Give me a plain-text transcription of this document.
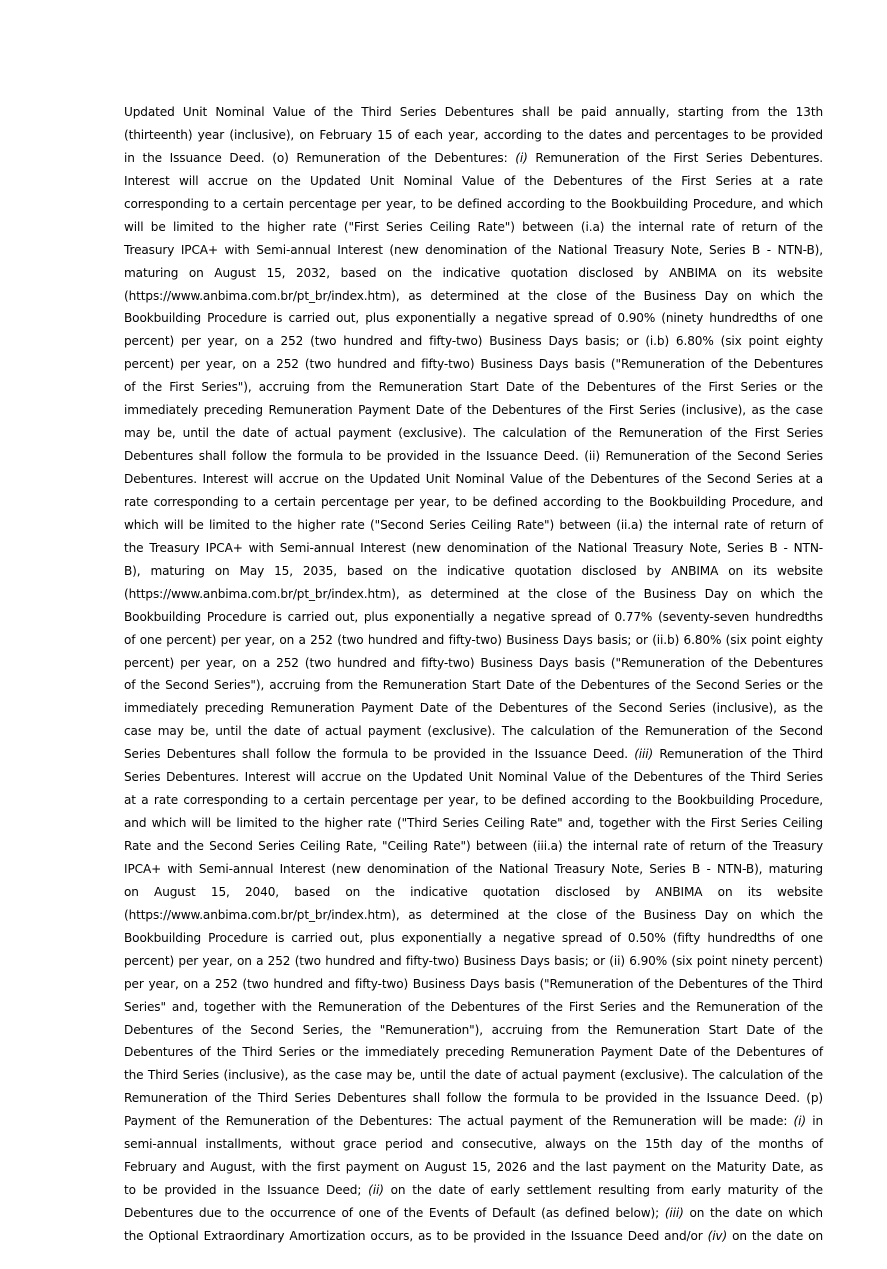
Updated Unit Nominal Value of the Third Series Debentures shall be paid annually, starting from the 13th
(thirteenth) year (inclusive), on February 15 of each year, according to the dates and percentages to be provided
in the Issuance Deed. (o) Remuneration of the Debentures: (i) Remuneration of the First Series Debentures.
Interest will accrue on the Updated Unit Nominal Value of the Debentures of the First Series at a rate
corresponding to a certain percentage per year, to be defined according to the Bookbuilding Procedure, and which
will be limited to the higher rate ("First Series Ceiling Rate") between (i.a) the internal rate of return of the
Treasury IPCA+ with Semi-annual Interest (new denomination of the National Treasury Note, Series B - NTN-B),
maturing on August 15, 2032, based on the indicative quotation disclosed by ANBIMA on its website
(https://www.anbima.com.br/pt_br/index.htm), as determined at the close of the Business Day on which the
Bookbuilding Procedure is carried out, plus exponentially a negative spread of 0.90% (ninety hundredths of one
percent) per year, on a 252 (two hundred and fifty-two) Business Days basis; or (i.b) 6.80% (six point eighty
percent) per year, on a 252 (two hundred and fifty-two) Business Days basis ("Remuneration of the Debentures
of the First Series"), accruing from the Remuneration Start Date of the Debentures of the First Series or the
immediately preceding Remuneration Payment Date of the Debentures of the First Series (inclusive), as the case
may be, until the date of actual payment (exclusive). The calculation of the Remuneration of the First Series
Debentures shall follow the formula to be provided in the Issuance Deed. (ii) Remuneration of the Second Series
Debentures. Interest will accrue on the Updated Unit Nominal Value of the Debentures of the Second Series at a
rate corresponding to a certain percentage per year, to be defined according to the Bookbuilding Procedure, and
which will be limited to the higher rate ("Second Series Ceiling Rate") between (ii.a) the internal rate of return of
the Treasury IPCA+ with Semi-annual Interest (new denomination of the National Treasury Note, Series B - NTN-
B), maturing on May 15, 2035, based on the indicative quotation disclosed by ANBIMA on its website
(https://www.anbima.com.br/pt_br/index.htm), as determined at the close of the Business Day on which the
Bookbuilding Procedure is carried out, plus exponentially a negative spread of 0.77% (seventy-seven hundredths
of one percent) per year, on a 252 (two hundred and fifty-two) Business Days basis; or (ii.b) 6.80% (six point eighty
percent) per year, on a 252 (two hundred and fifty-two) Business Days basis ("Remuneration of the Debentures
of the Second Series"), accruing from the Remuneration Start Date of the Debentures of the Second Series or the
immediately preceding Remuneration Payment Date of the Debentures of the Second Series (inclusive), as the
case may be, until the date of actual payment (exclusive). The calculation of the Remuneration of the Second
Series Debentures shall follow the formula to be provided in the Issuance Deed. (iii) Remuneration of the Third
Series Debentures. Interest will accrue on the Updated Unit Nominal Value of the Debentures of the Third Series
at a rate corresponding to a certain percentage per year, to be defined according to the Bookbuilding Procedure,
and which will be limited to the higher rate ("Third Series Ceiling Rate" and, together with the First Series Ceiling
Rate and the Second Series Ceiling Rate, "Ceiling Rate") between (iii.a) the internal rate of return of the Treasury
IPCA+ with Semi-annual Interest (new denomination of the National Treasury Note, Series B - NTN-B), maturing
on August 15, 2040, based on the indicative quotation disclosed by ANBIMA on its website
(https://www.anbima.com.br/pt_br/index.htm), as determined at the close of the Business Day on which the
Bookbuilding Procedure is carried out, plus exponentially a negative spread of 0.50% (fifty hundredths of one
percent) per year, on a 252 (two hundred and fifty-two) Business Days basis; or (ii) 6.90% (six point ninety percent)
per year, on a 252 (two hundred and fifty-two) Business Days basis ("Remuneration of the Debentures of the Third
Series" and, together with the Remuneration of the Debentures of the First Series and the Remuneration of the
Debentures of the Second Series, the "Remuneration"), accruing from the Remuneration Start Date of the
Debentures of the Third Series or the immediately preceding Remuneration Payment Date of the Debentures of
the Third Series (inclusive), as the case may be, until the date of actual payment (exclusive). The calculation of the
Remuneration of the Third Series Debentures shall follow the formula to be provided in the Issuance Deed. (p)
Payment of the Remuneration of the Debentures: The actual payment of the Remuneration will be made: (i) in
semi-annual installments, without grace period and consecutive, always on the 15th day of the months of
February and August, with the first payment on August 15, 2026 and the last payment on the Maturity Date, as
to be provided in the Issuance Deed; (ii) on the date of early settlement resulting from early maturity of the
Debentures due to the occurrence of one of the Events of Default (as defined below); (iii) on the date on which
the Optional Extraordinary Amortization occurs, as to be provided in the Issuance Deed and/or (iv) on the date on
